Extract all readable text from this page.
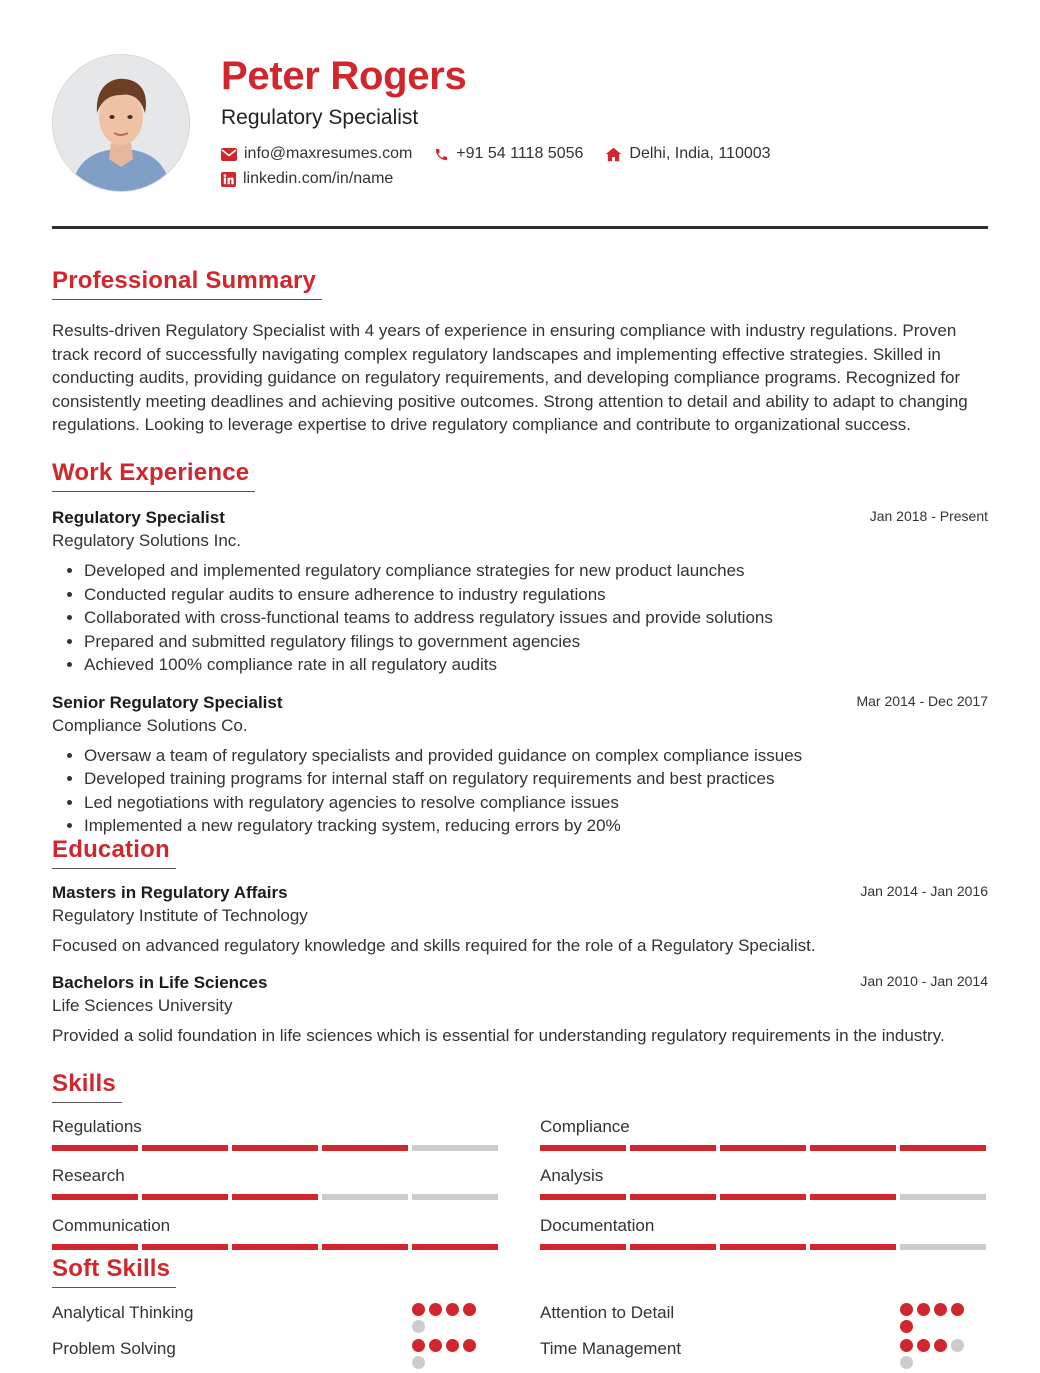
Peter Rogers
Regulatory Specialist
info@maxresumes.com	+91 54 1118 5056	Delhi, India, 110003
linkedin.com/in/name
Professional Summary

Results-driven Regulatory Specialist with 4 years of experience in ensuring compliance with industry regulations. Proven track record of successfully navigating complex regulatory landscapes and implementing effective strategies. Skilled in conducting audits, providing guidance on regulatory requirements, and developing compliance programs. Recognized for consistently meeting deadlines and achieving positive outcomes. Strong attention to detail and ability to adapt to changing regulations. Looking to leverage expertise to drive regulatory compliance and contribute to organizational success.

Work Experience
Regulatory Specialist
Regulatory Solutions Inc.
Jan 2018 - Present
• Developed and implemented regulatory compliance strategies for new product launches
• Conducted regular audits to ensure adherence to industry regulations
• Collaborated with cross-functional teams to address regulatory issues and provide solutions
• Prepared and submitted regulatory filings to government agencies
• Achieved 100% compliance rate in all regulatory audits
Senior Regulatory Specialist
Compliance Solutions Co.
Mar 2014 - Dec 2017
• Oversaw a team of regulatory specialists and provided guidance on complex compliance issues
• Developed training programs for internal staff on regulatory requirements and best practices
• Led negotiations with regulatory agencies to resolve compliance issues
• Implemented a new regulatory tracking system, reducing errors by 20%
Education
Masters in Regulatory Affairs
Regulatory Institute of Technology
Jan 2014 - Jan 2016

Focused on advanced regulatory knowledge and skills required for the role of a Regulatory Specialist.

Bachelors in Life Sciences
Life Sciences University
Jan 2010 - Jan 2014

Provided a solid foundation in life sciences which is essential for understanding regulatory requirements in the industry.

Skills
Regulations	Compliance
Research	Analysis
Communication	Documentation
Soft Skills
Analytical Thinking	Attention to Detail
Problem Solving	Time Management
